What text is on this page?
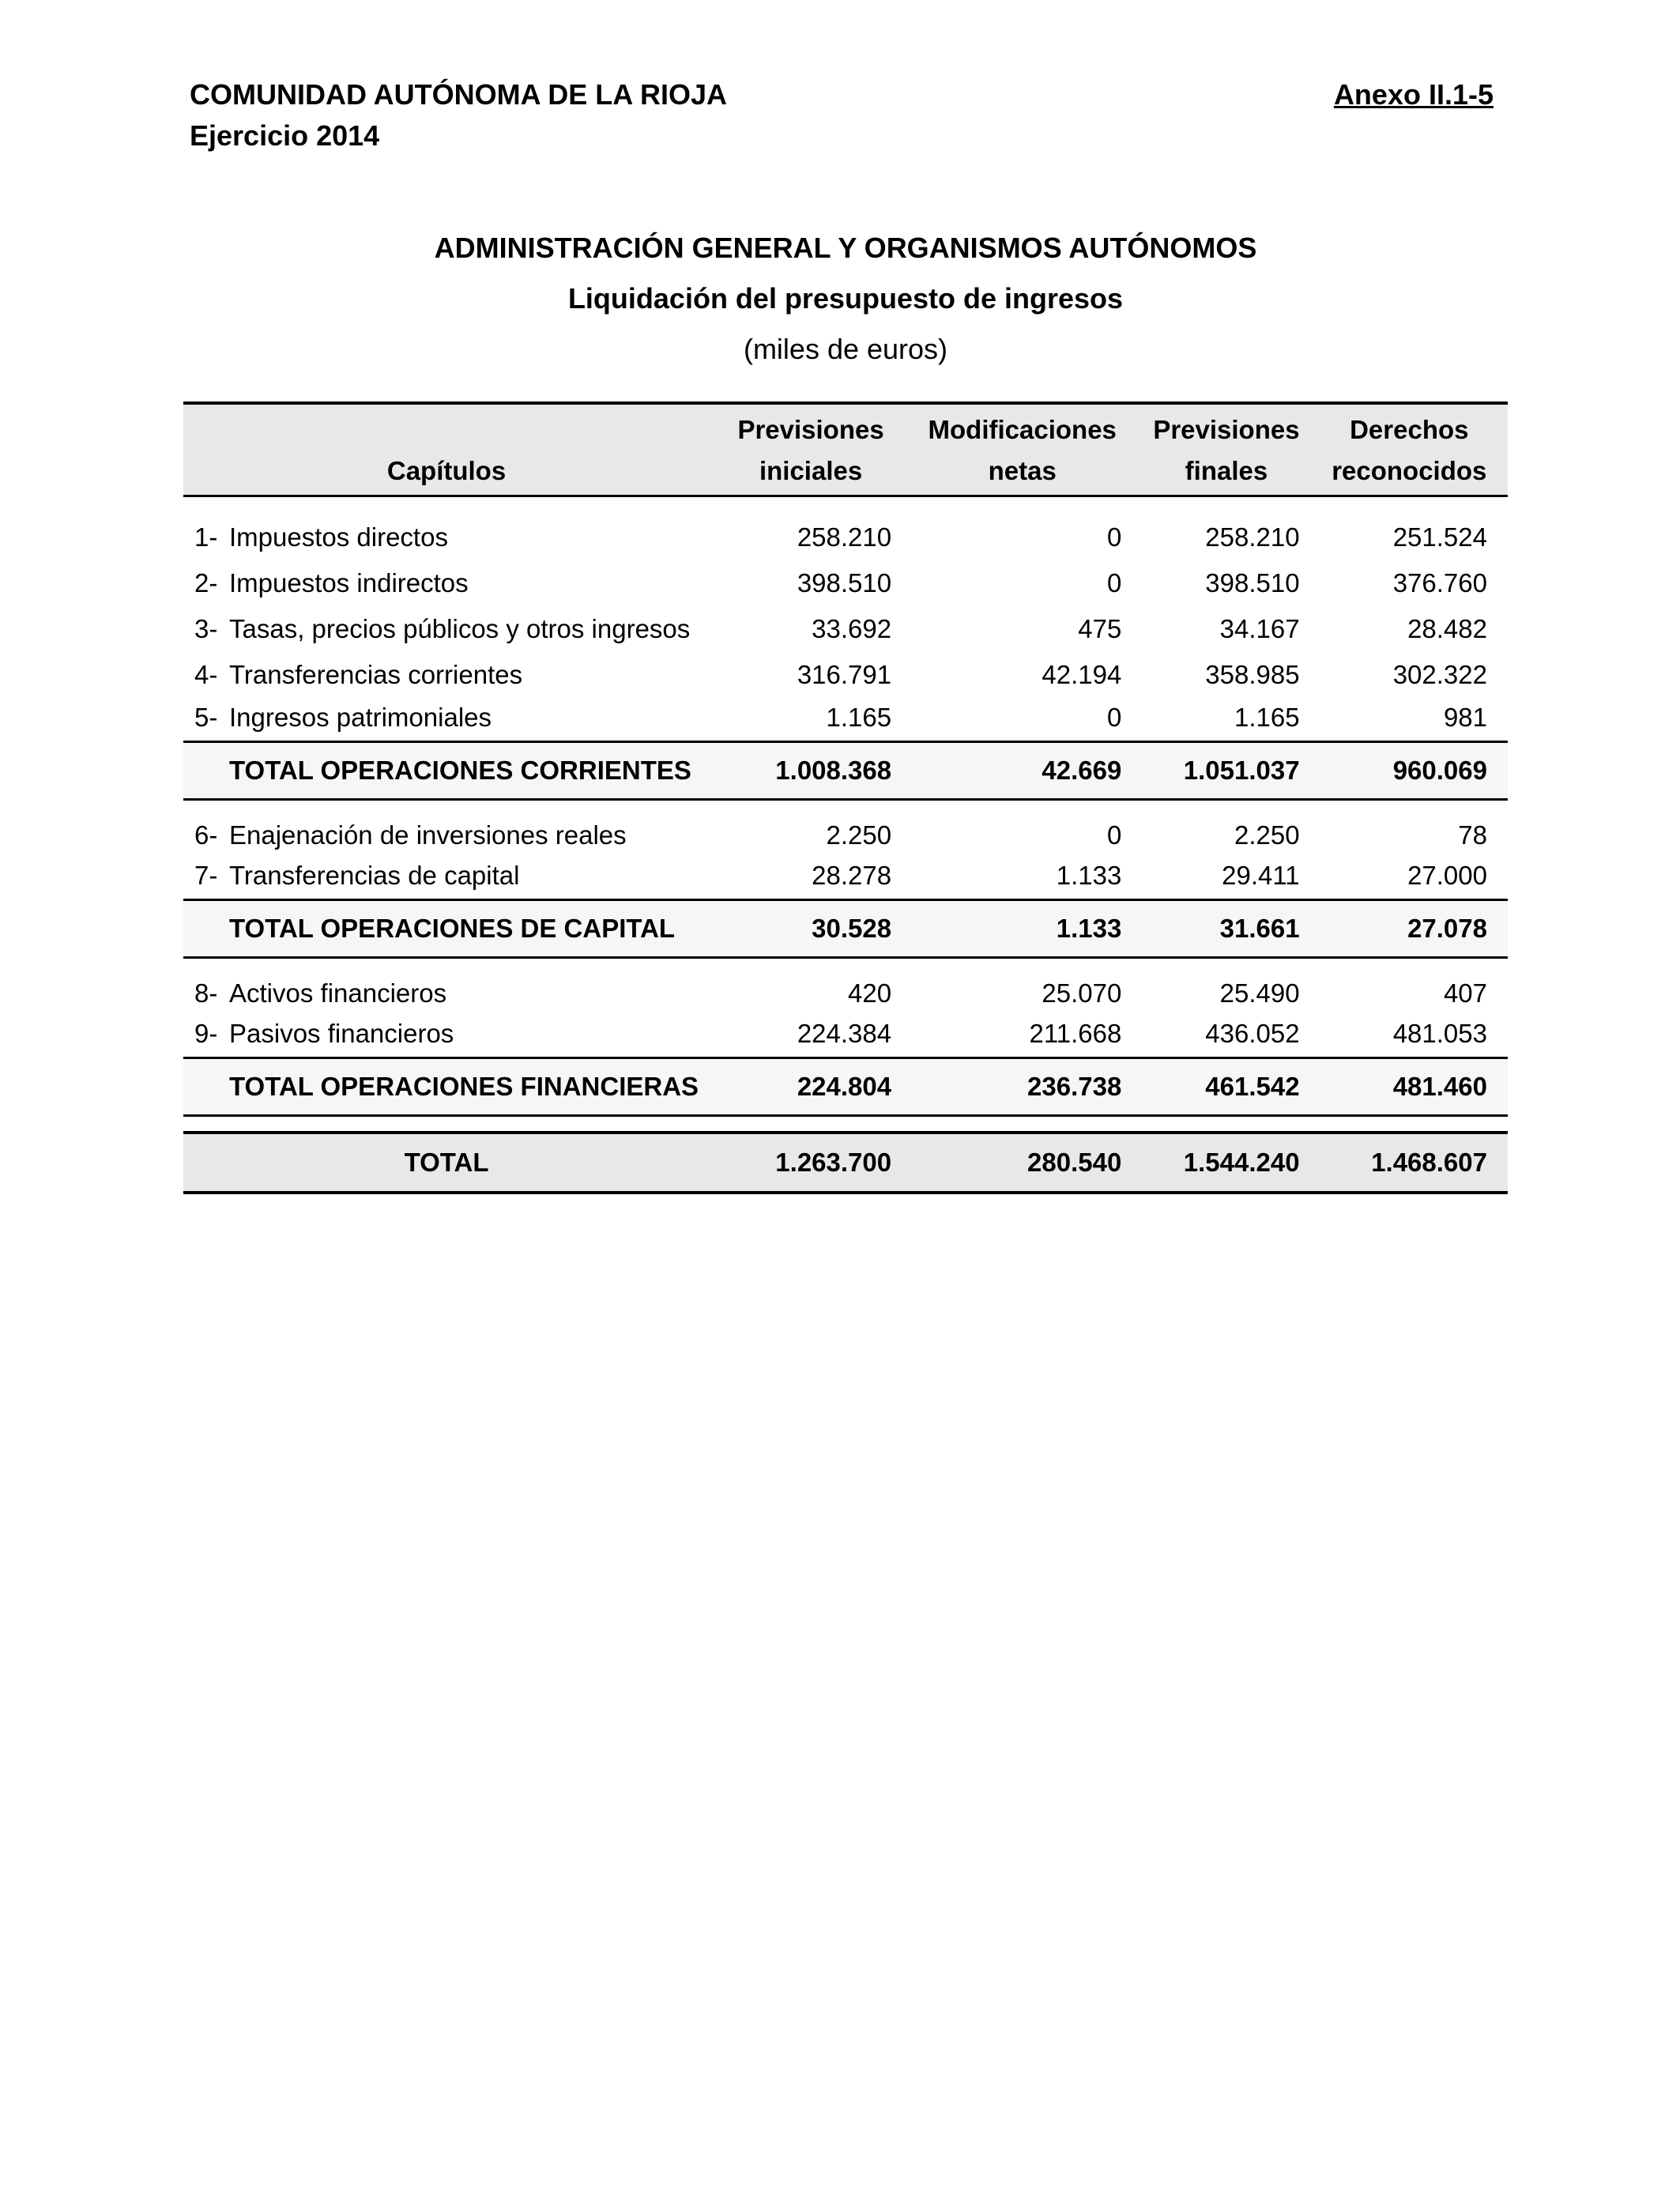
COMUNIDAD AUTÓNOMA DE LA RIOJA
Ejercicio 2014
Anexo II.1-5
ADMINISTRACIÓN GENERAL Y ORGANISMOS AUTÓNOMOS
Liquidación del presupuesto de ingresos
(miles de euros)
	Previsiones	Modificaciones	Previsiones	Derechos
Capítulos	iniciales	netas	finales	reconocidos
1- Impuestos directos	258.210	0	258.210	251.524
2- Impuestos indirectos	398.510	0	398.510	376.760
3- Tasas, precios públicos y otros ingresos	33.692	475	34.167	28.482
4- Transferencias corrientes	316.791	42.194	358.985	302.322
5- Ingresos patrimoniales	1.165	0	1.165	981
TOTAL OPERACIONES CORRIENTES	1.008.368	42.669	1.051.037	960.069

6- Enajenación de inversiones reales	2.250	0	2.250	78
7- Transferencias de capital	28.278	1.133	29.411	27.000
TOTAL OPERACIONES DE CAPITAL	30.528	1.133	31.661	27.078

8- Activos financieros	420	25.070	25.490	407
9- Pasivos financieros	224.384	211.668	436.052	481.053
TOTAL OPERACIONES FINANCIERAS	224.804	236.738	461.542	481.460

TOTAL	1.263.700	280.540	1.544.240	1.468.607
